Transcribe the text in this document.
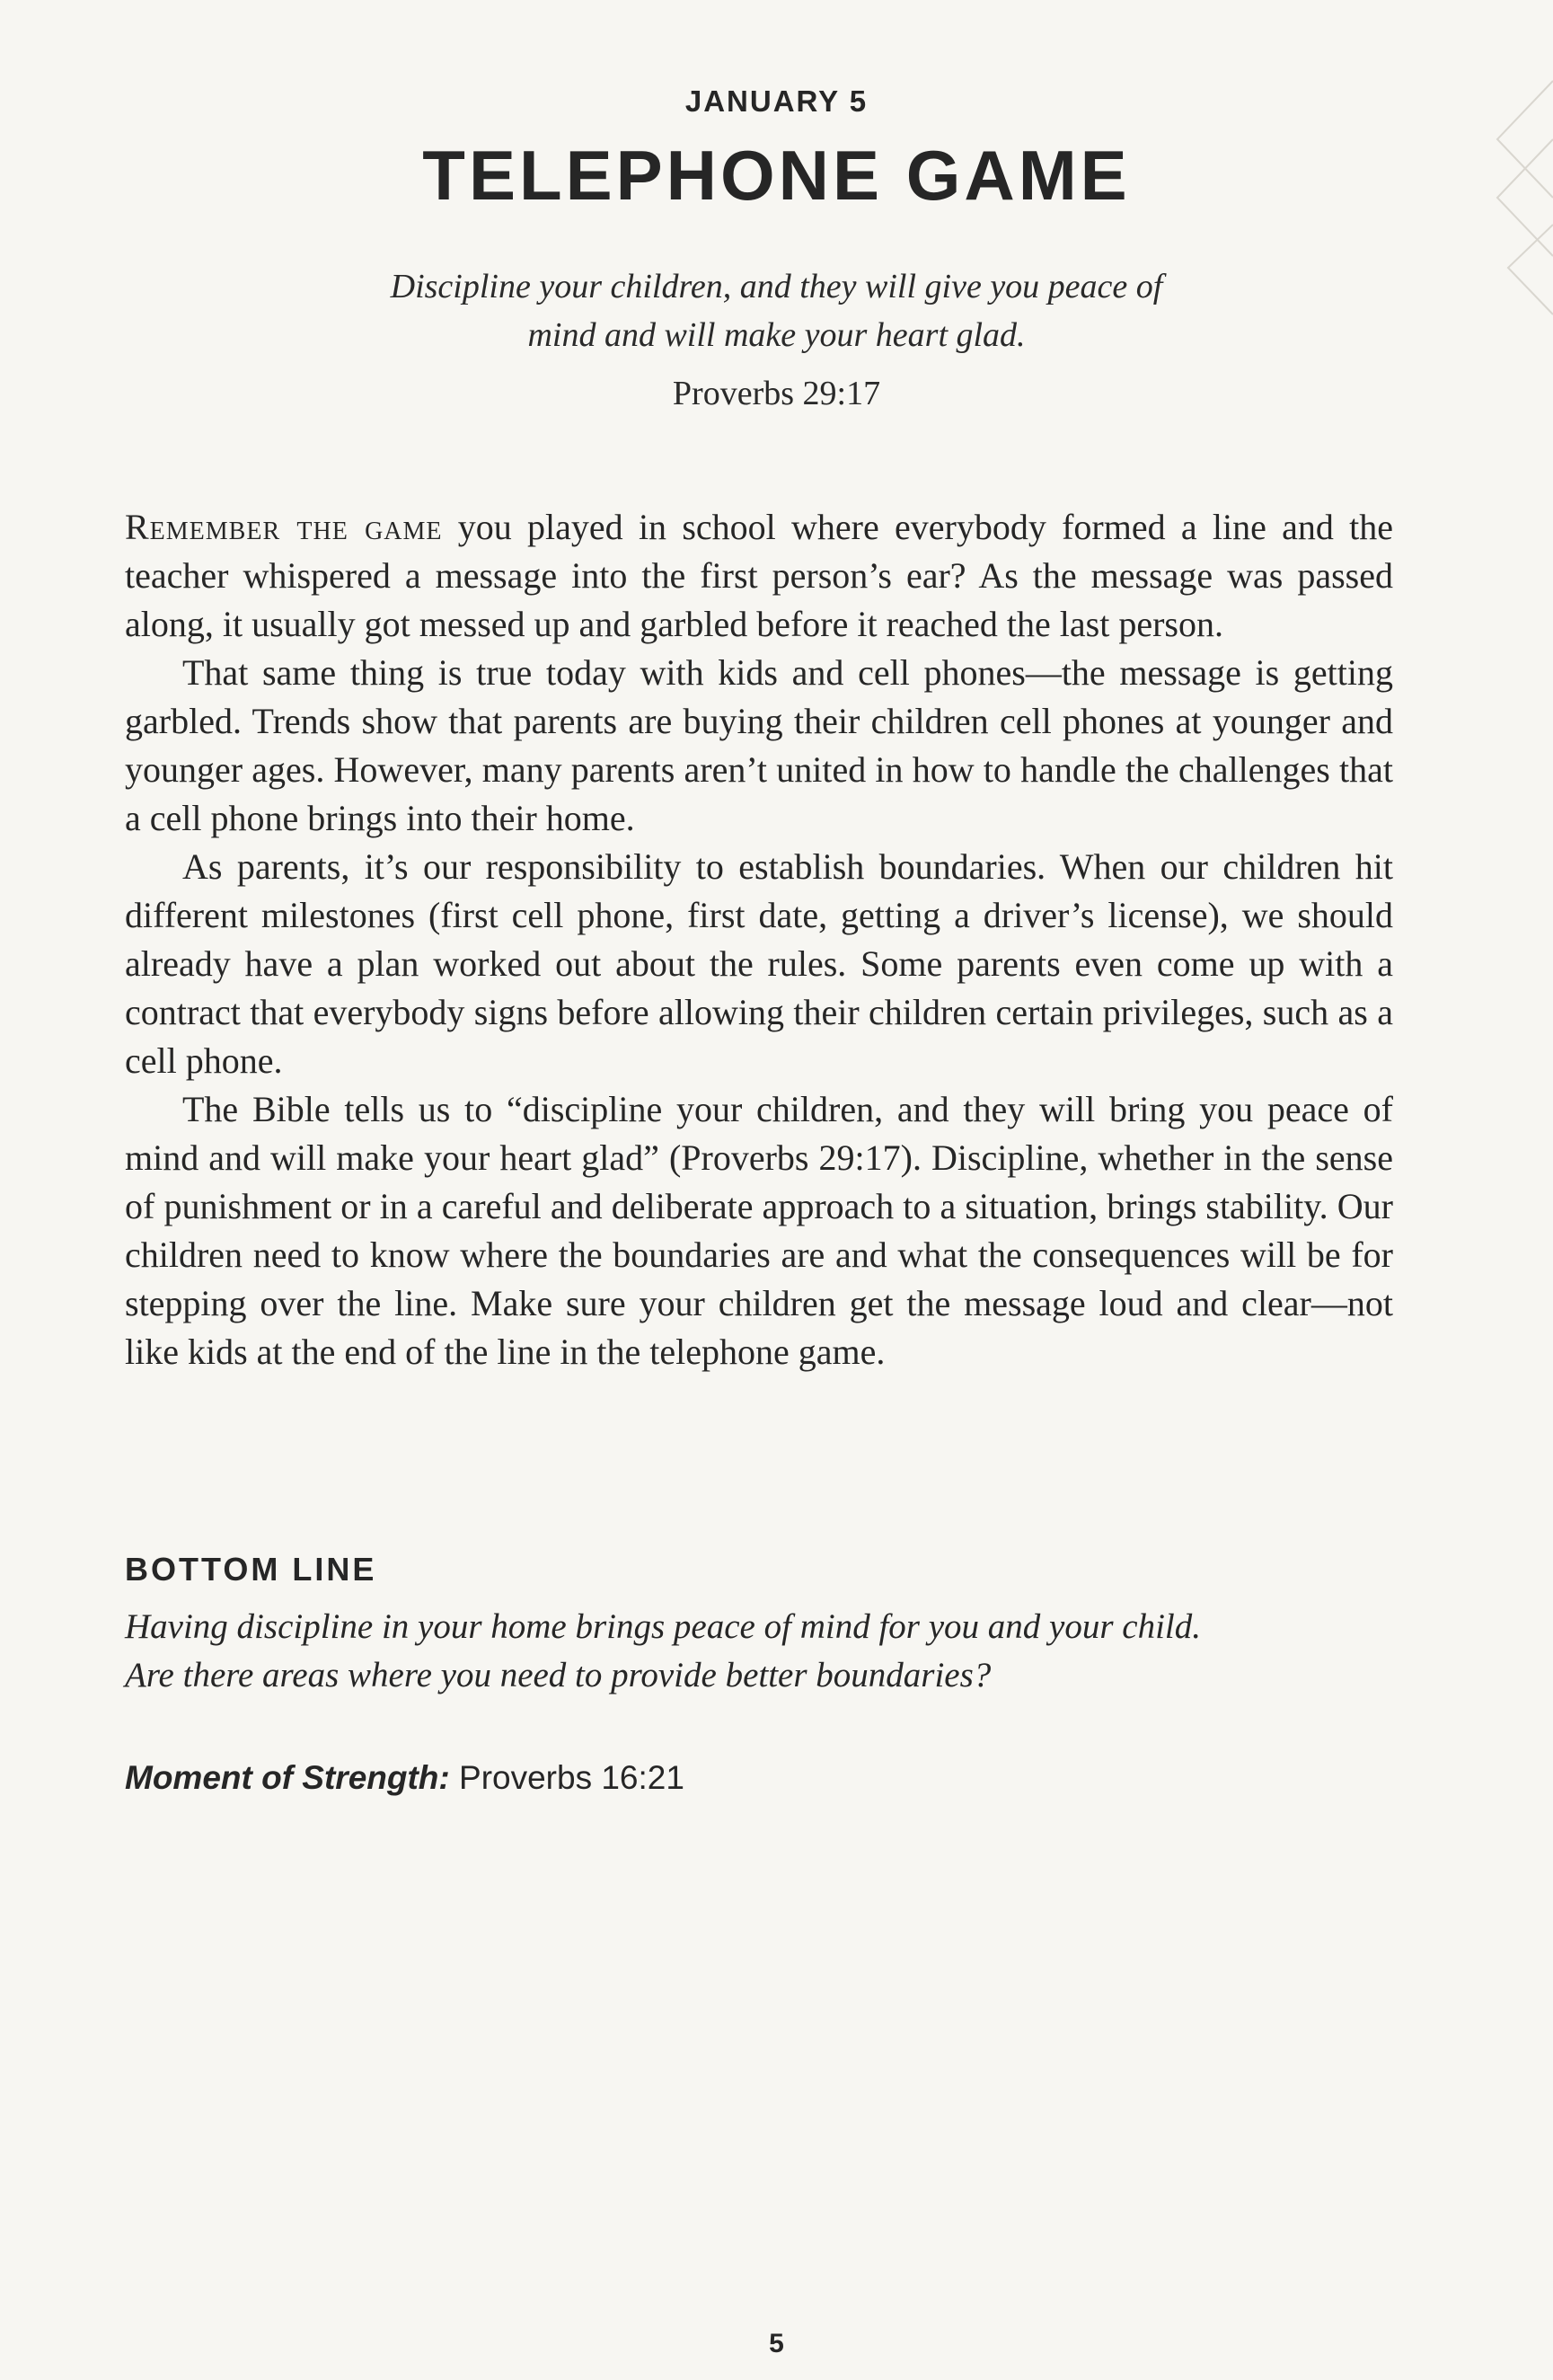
JANUARY 5
TELEPHONE GAME
Discipline your children, and they will give you peace of
mind and will make your heart glad.
Proverbs 29:17

Remember the game you played in school where everybody formed a line and the teacher whispered a message into the first person’s ear? As the message was passed along, it usually got messed up and garbled before it reached the last person.

That same thing is true today with kids and cell phones—the message is getting garbled. Trends show that parents are buying their children cell phones at younger and younger ages. However, many parents aren’t united in how to handle the challenges that a cell phone brings into their home.

As parents, it’s our responsibility to establish boundaries. When our children hit different milestones (first cell phone, first date, getting a driver’s license), we should already have a plan worked out about the rules. Some parents even come up with a contract that everybody signs before allowing their children certain privileges, such as a cell phone.

The Bible tells us to “discipline your children, and they will bring you peace of mind and will make your heart glad” (Proverbs 29:17). Discipline, whether in the sense of punishment or in a careful and deliberate approach to a situation, brings stability. Our children need to know where the boundaries are and what the consequences will be for stepping over the line. Make sure your children get the message loud and clear—not like kids at the end of the line in the telephone game.

BOTTOM LINE
Having discipline in your home brings peace of mind for you and your child.
Are there areas where you need to provide better boundaries?
Moment of Strength: Proverbs 16:21
5
